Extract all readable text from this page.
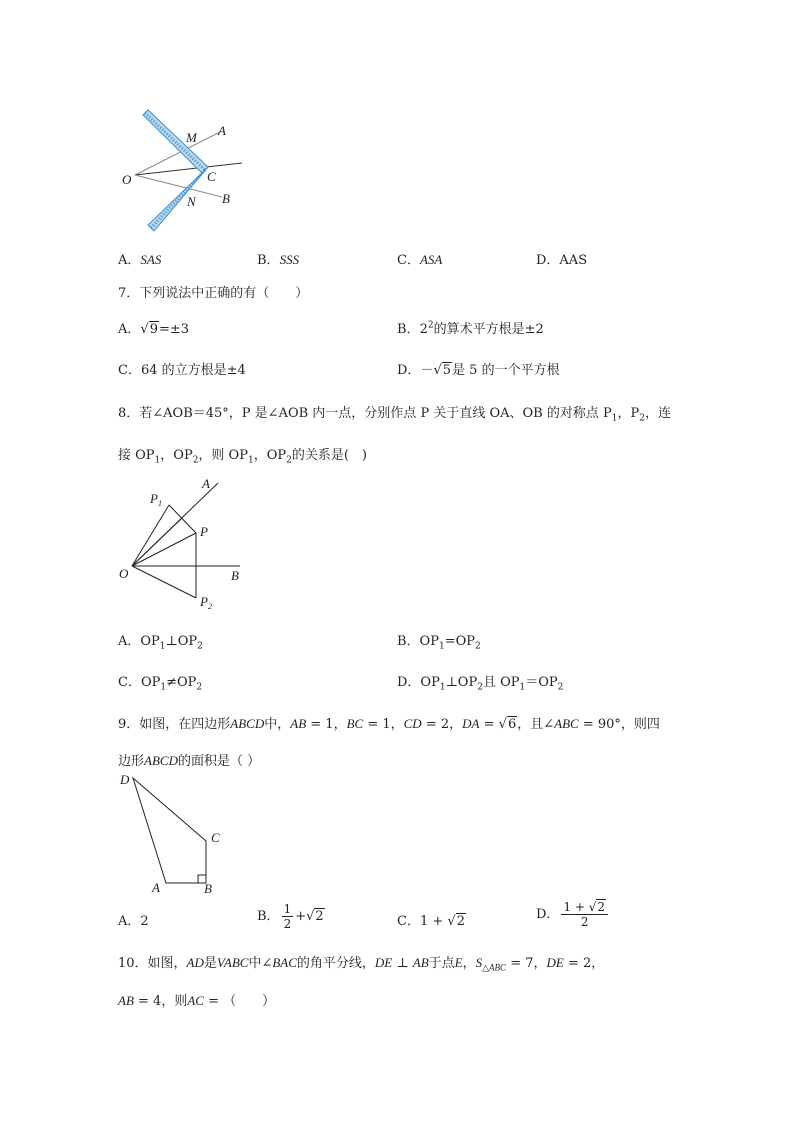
O
M A
C
N B
A．SAS	B．SSS	C．ASA	D．AAS
7．下列说法中正确的有（　　）
A．√9=±3	B．$2^2$的算术平方根是±2
C．64 的立方根是±4	D．－√5是 5 的一个平方根
8．若∠AOB＝45°，P 是∠AOB 内一点，分别作点 P 关于直线 OA、OB 的对称点 $P_1$，$P_2$，连
接 $OP_1$，$OP_2$，则 $OP_1$，$OP_2$的关系是(　)
$P_1$
A
P
O	B
$P_2$
A．$OP_1\perp OP_2$	B．$OP_1=OP_2$
C．$OP_1\ne OP_2$	D．$OP_1\perp OP_2$且 $OP_1=OP_2$
9．如图，在四边形ABCD中，AB = 1，BC = 1，CD = 2，DA = √6，且∠ABC = 90°，则四
边形ABCD的面积是（ ）
D
C
A	B
A．2	B． $\frac{1}{2} +√2$	C．1 + √2	D． $\frac{1 + √2}{2}$
10．如图，AD是VABC中∠BAC的角平分线，DE ⊥ AB于点E，$S_{\triangle ABC} = 7$，DE = 2，
AB = 4，则AC = （　　）
